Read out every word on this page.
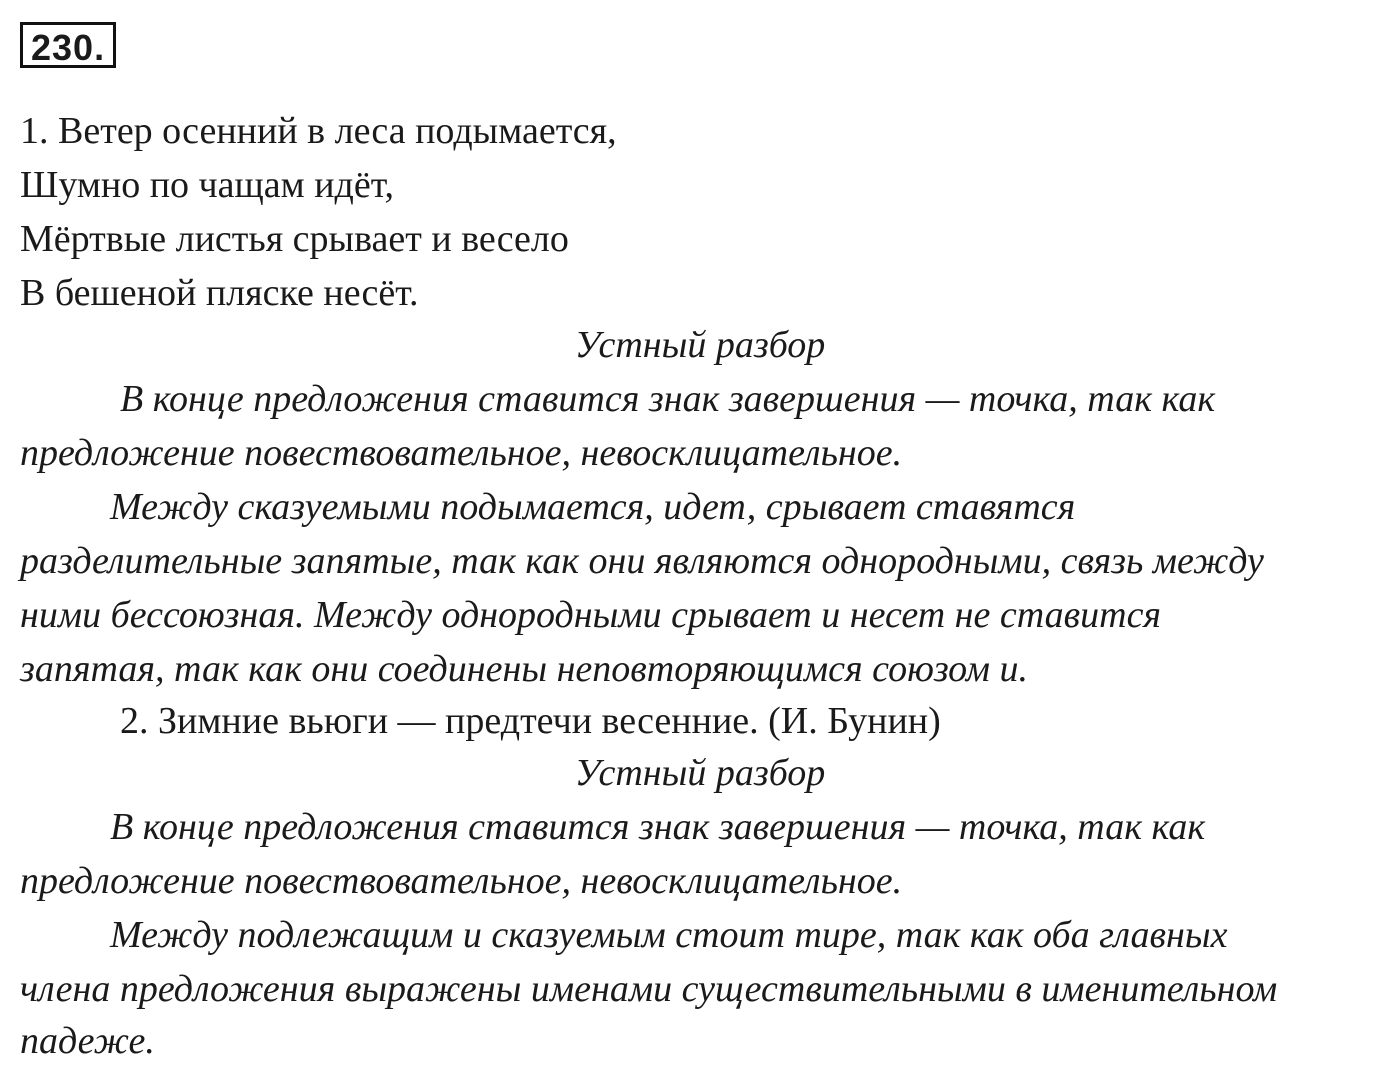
230.
1. Ветер осенний в леса подымается,
Шумно по чащам идёт,
Мёртвые листья срывает и весело
В бешеной пляске несёт.
Устный разбор
В конце предложения ставится знак завершения — точка, так как
предложение повествовательное, невосклицательное.
Между сказуемыми подымается, идет, срывает ставятся
разделительные запятые, так как они являются однородными, связь между
ними бессоюзная. Между однородными срывает и несет не ставится
запятая, так как они соединены неповторяющимся союзом и.
2. Зимние вьюги — предтечи весенние. (И. Бунин)
Устный разбор
В конце предложения ставится знак завершения — точка, так как
предложение повествовательное, невосклицательное.
Между подлежащим и сказуемым стоит тире, так как оба главных
члена предложения выражены именами существительными в именительном
падеже.
